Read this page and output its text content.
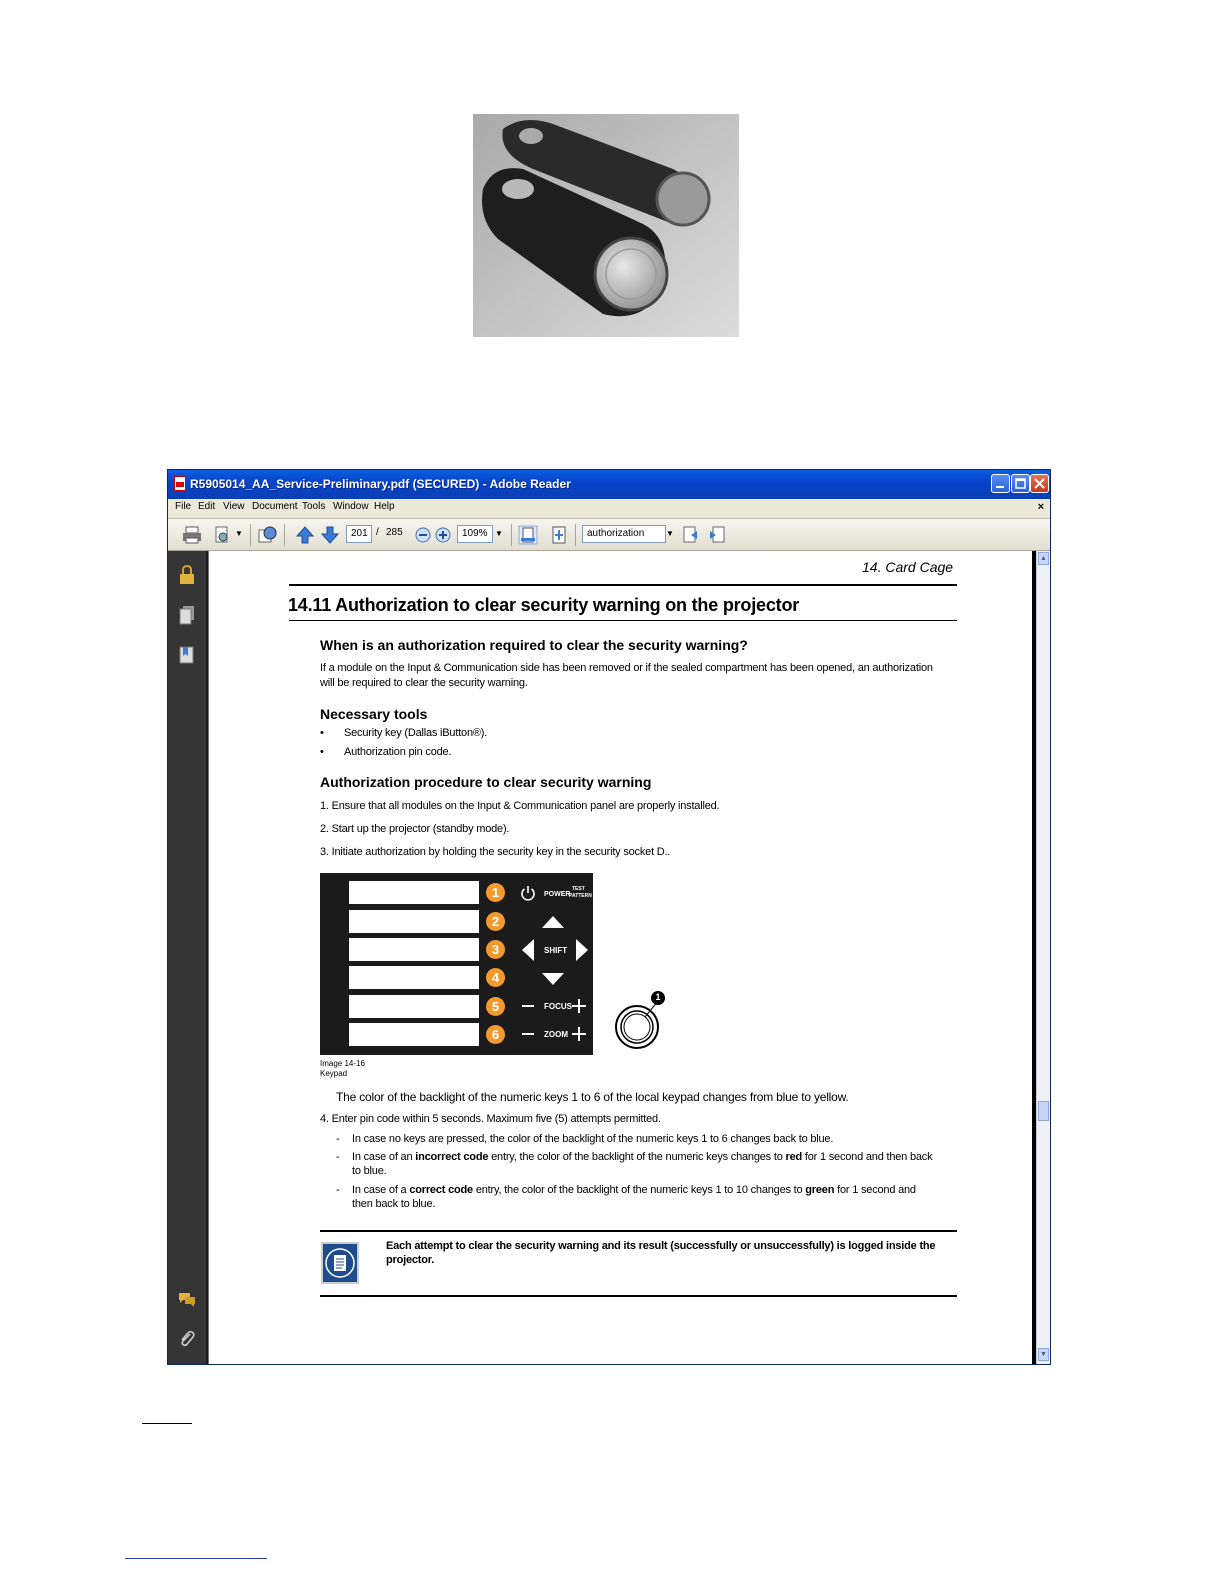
R5905014_AA_Service-Preliminary.pdf (SECURED) - Adobe Reader
File Edit View Document Tools Window Help	×
▼	201 / 285	109% ▼	authorization	▼
14. Card Cage
14.11 Authorization to clear security warning on the projector
When is an authorization required to clear the security warning?
If a module on the Input & Communication side has been removed or if the sealed compartment has been opened, an authorization
will be required to clear the security warning.
Necessary tools
• Security key (Dallas iButton®).
• Authorization pin code.
Authorization procedure to clear security warning
1. Ensure that all modules on the Input & Communication panel are properly installed.
2. Start up the projector (standby mode).
3. Initiate authorization by holding the security key in the security socket D..
1
2
3
4
5
6
POWER
TEST
PATTERN
SHIFT
FOCUS
ZOOM
1
Image 14-16
Keypad
The color of the backlight of the numeric keys 1 to 6 of the local keypad changes from blue to yellow.
4. Enter pin code within 5 seconds. Maximum five (5) attempts permitted.
- In case no keys are pressed, the color of the backlight of the numeric keys 1 to 6 changes back to blue.
- In case of an incorrect code entry, the color of the backlight of the numeric keys changes to red for 1 second and then back
to blue.
- In case of a correct code entry, the color of the backlight of the numeric keys 1 to 10 changes to green for 1 second and
then back to blue.
Each attempt to clear the security warning and its result (successfully or unsuccessfully) is logged inside the projector.
▲
▼
